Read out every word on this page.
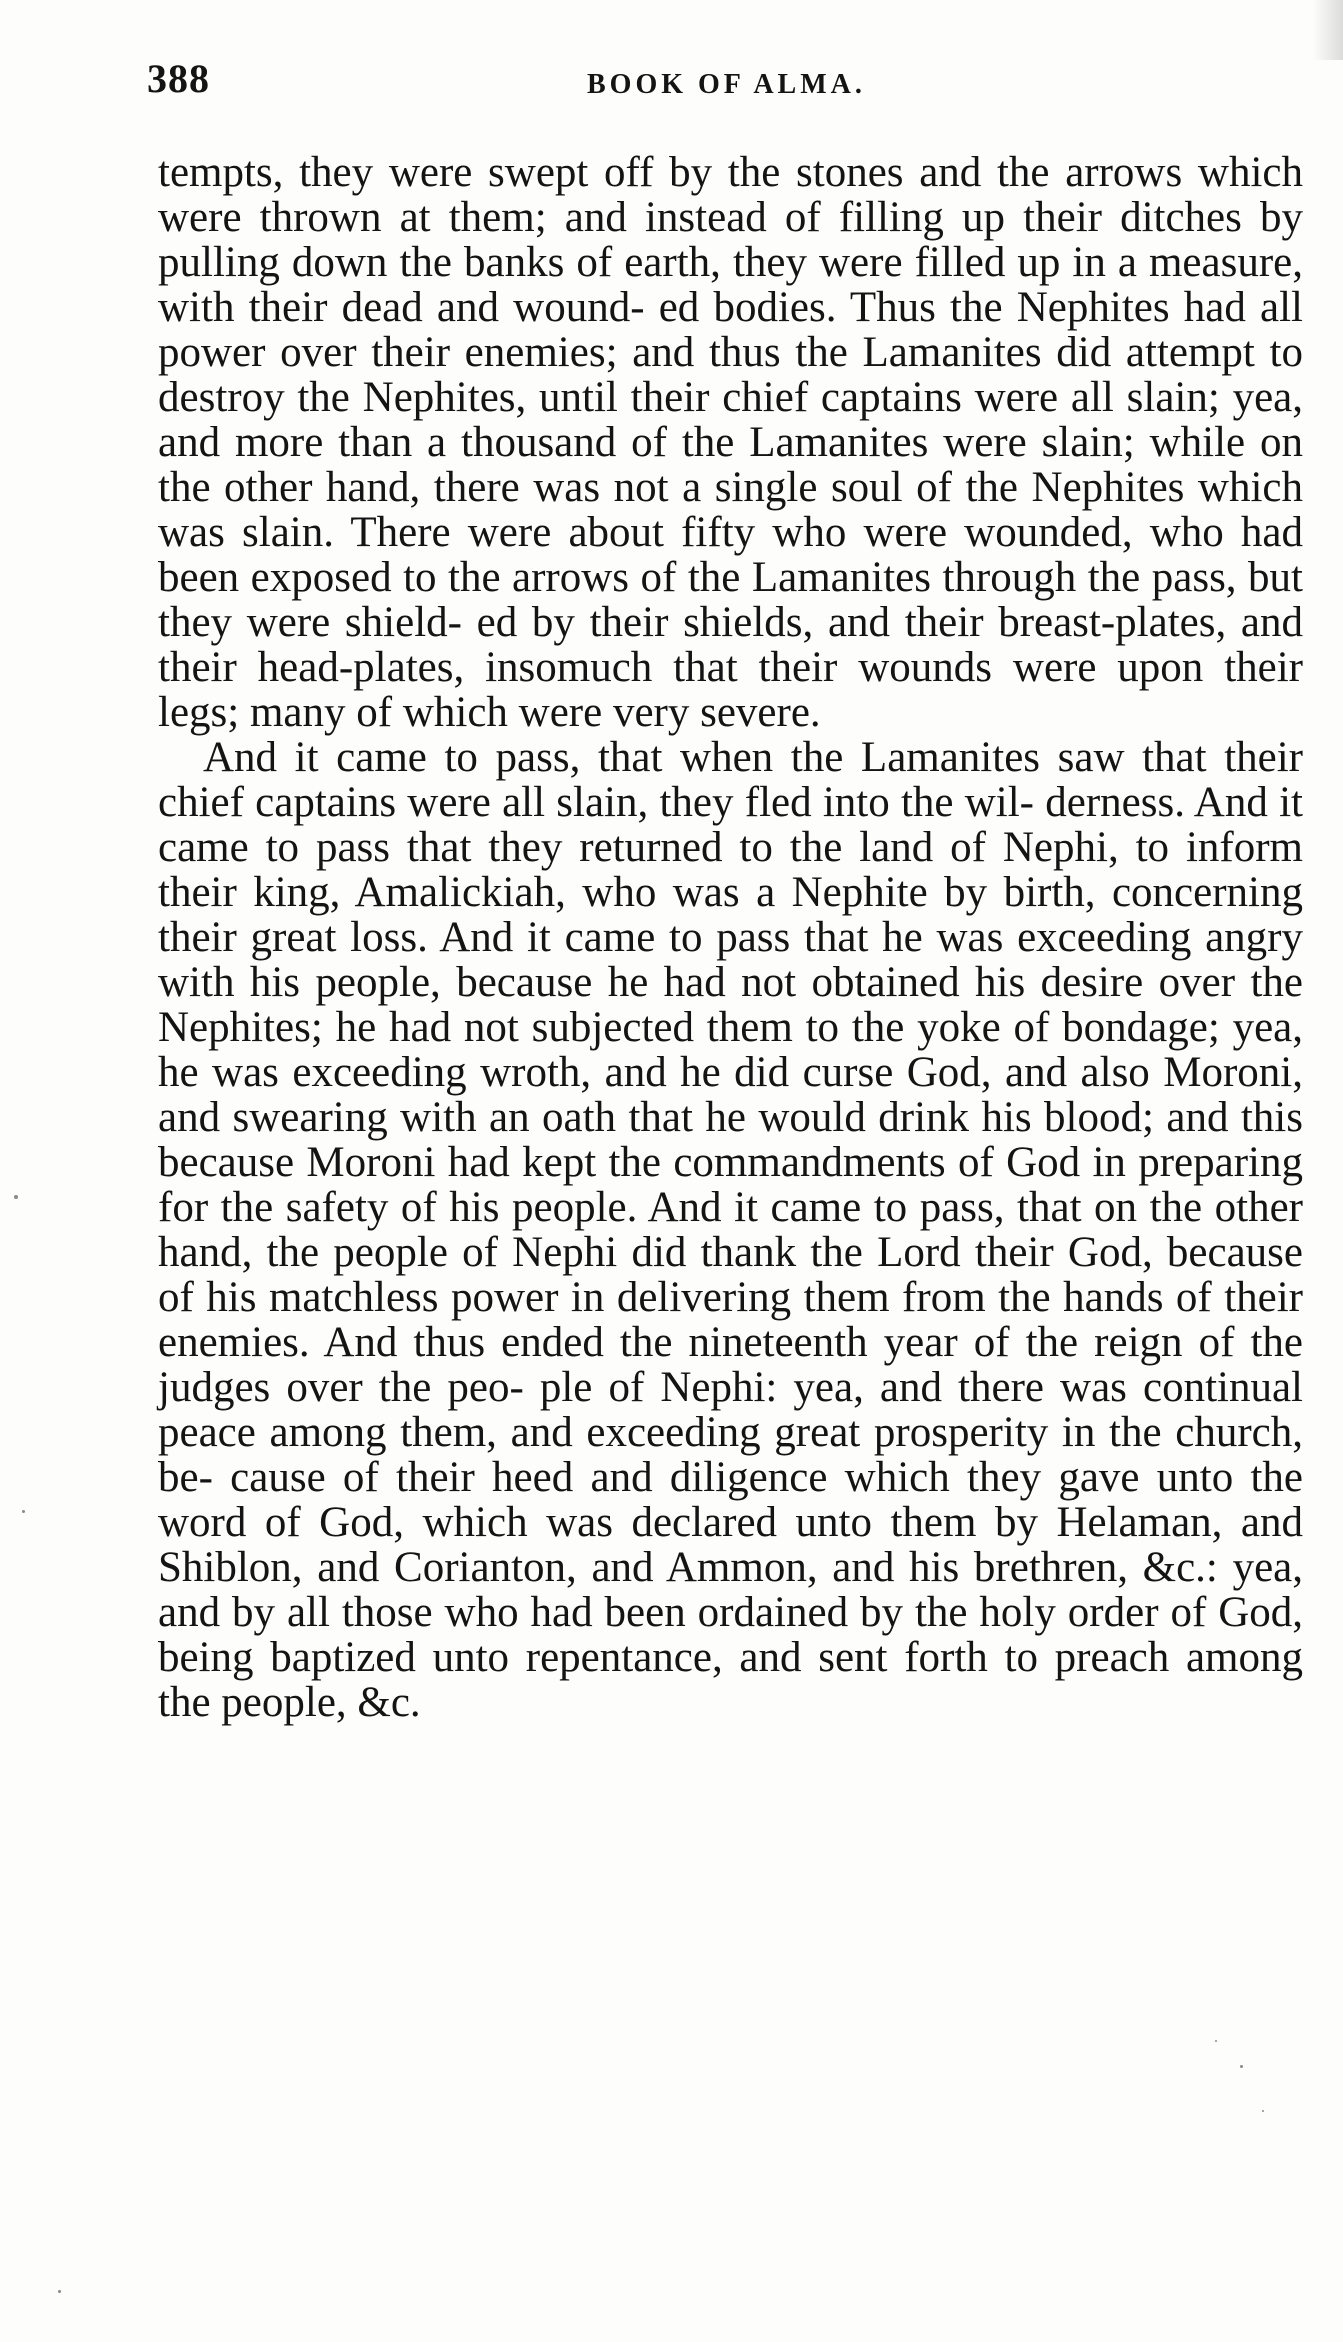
388	BOOK OF ALMA.

tempts, they were swept off by the stones and the arrows which were thrown at them; and instead of filling up their ditches by pulling down the banks of earth, they were filled up in a measure, with their dead and wound- ed bodies. Thus the Nephites had all power over their enemies; and thus the Lamanites did attempt to destroy the Nephites, until their chief captains were all slain; yea, and more than a thousand of the Lamanites were slain; while on the other hand, there was not a single soul of the Nephites which was slain. There were about fifty who were wounded, who had been exposed to the arrows of the Lamanites through the pass, but they were shield- ed by their shields, and their breast-plates, and their head-plates, insomuch that their wounds were upon their legs; many of which were very severe.

And it came to pass, that when the Lamanites saw that their chief captains were all slain, they fled into the wil- derness. And it came to pass that they returned to the land of Nephi, to inform their king, Amalickiah, who was a Nephite by birth, concerning their great loss. And it came to pass that he was exceeding angry with his people, because he had not obtained his desire over the Nephites; he had not subjected them to the yoke of bondage; yea, he was exceeding wroth, and he did curse God, and also Moroni, and swearing with an oath that he would drink his blood; and this because Moroni had kept the commandments of God in preparing for the safety of his people. And it came to pass, that on the other hand, the people of Nephi did thank the Lord their God, because of his matchless power in delivering them from the hands of their enemies. And thus ended the nineteenth year of the reign of the judges over the peo- ple of Nephi: yea, and there was continual peace among them, and exceeding great prosperity in the church, be- cause of their heed and diligence which they gave unto the word of God, which was declared unto them by Helaman, and Shiblon, and Corianton, and Ammon, and his brethren, &c.: yea, and by all those who had been ordained by the holy order of God, being baptized unto repentance, and sent forth to preach among the people, &c.
